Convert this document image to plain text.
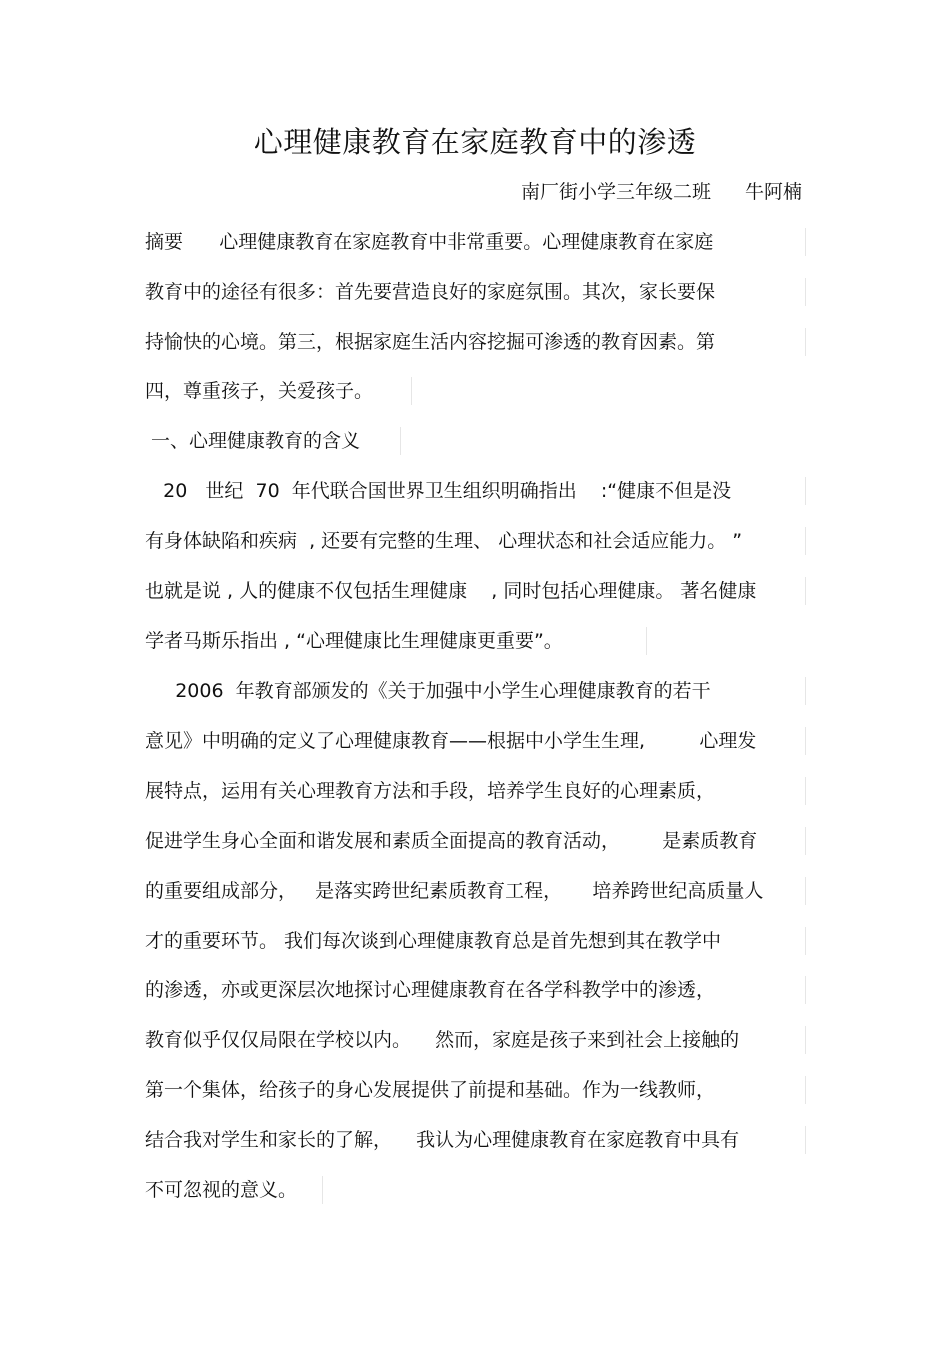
心理健康教育在家庭教育中的渗透
南厂街小学三年级二班 牛阿楠
摘要      心理健康教育在家庭教育中非常重要。心理健康教育在家庭
教育中的途径有很多：首先要营造良好的家庭氛围。其次，家长要保
持愉快的心境。第三，根据家庭生活内容挖掘可渗透的教育因素。第
四，尊重孩子，关爱孩子。
一、心理健康教育的含义
20   世纪  70  年代联合国世界卫生组织明确指出    :“健康不但是没
有身体缺陷和疾病  , 还要有完整的生理、 心理状态和社会适应能力。 ”
也就是说 , 人的健康不仅包括生理健康    , 同时包括心理健康。 著名健康
学者马斯乐指出 , “心理健康比生理健康更重要”。
2006  年教育部颁发的《关于加强中小学生心理健康教育的若干
意见》中明确的定义了心理健康教育——根据中小学生生理,         心理发
展特点，运用有关心理教育方法和手段，培养学生良好的心理素质，
促进学生身心全面和谐发展和素质全面提高的教育活动，       是素质教育
的重要组成部分，   是落实跨世纪素质教育工程，     培养跨世纪高质量人
才的重要环节。 我们每次谈到心理健康教育总是首先想到其在教学中
的渗透，亦或更深层次地探讨心理健康教育在各学科教学中的渗透，
教育似乎仅仅局限在学校以内。    然而，家庭是孩子来到社会上接触的
第一个集体，给孩子的身心发展提供了前提和基础。作为一线教师，
结合我对学生和家长的了解，    我认为心理健康教育在家庭教育中具有
不可忽视的意义。
